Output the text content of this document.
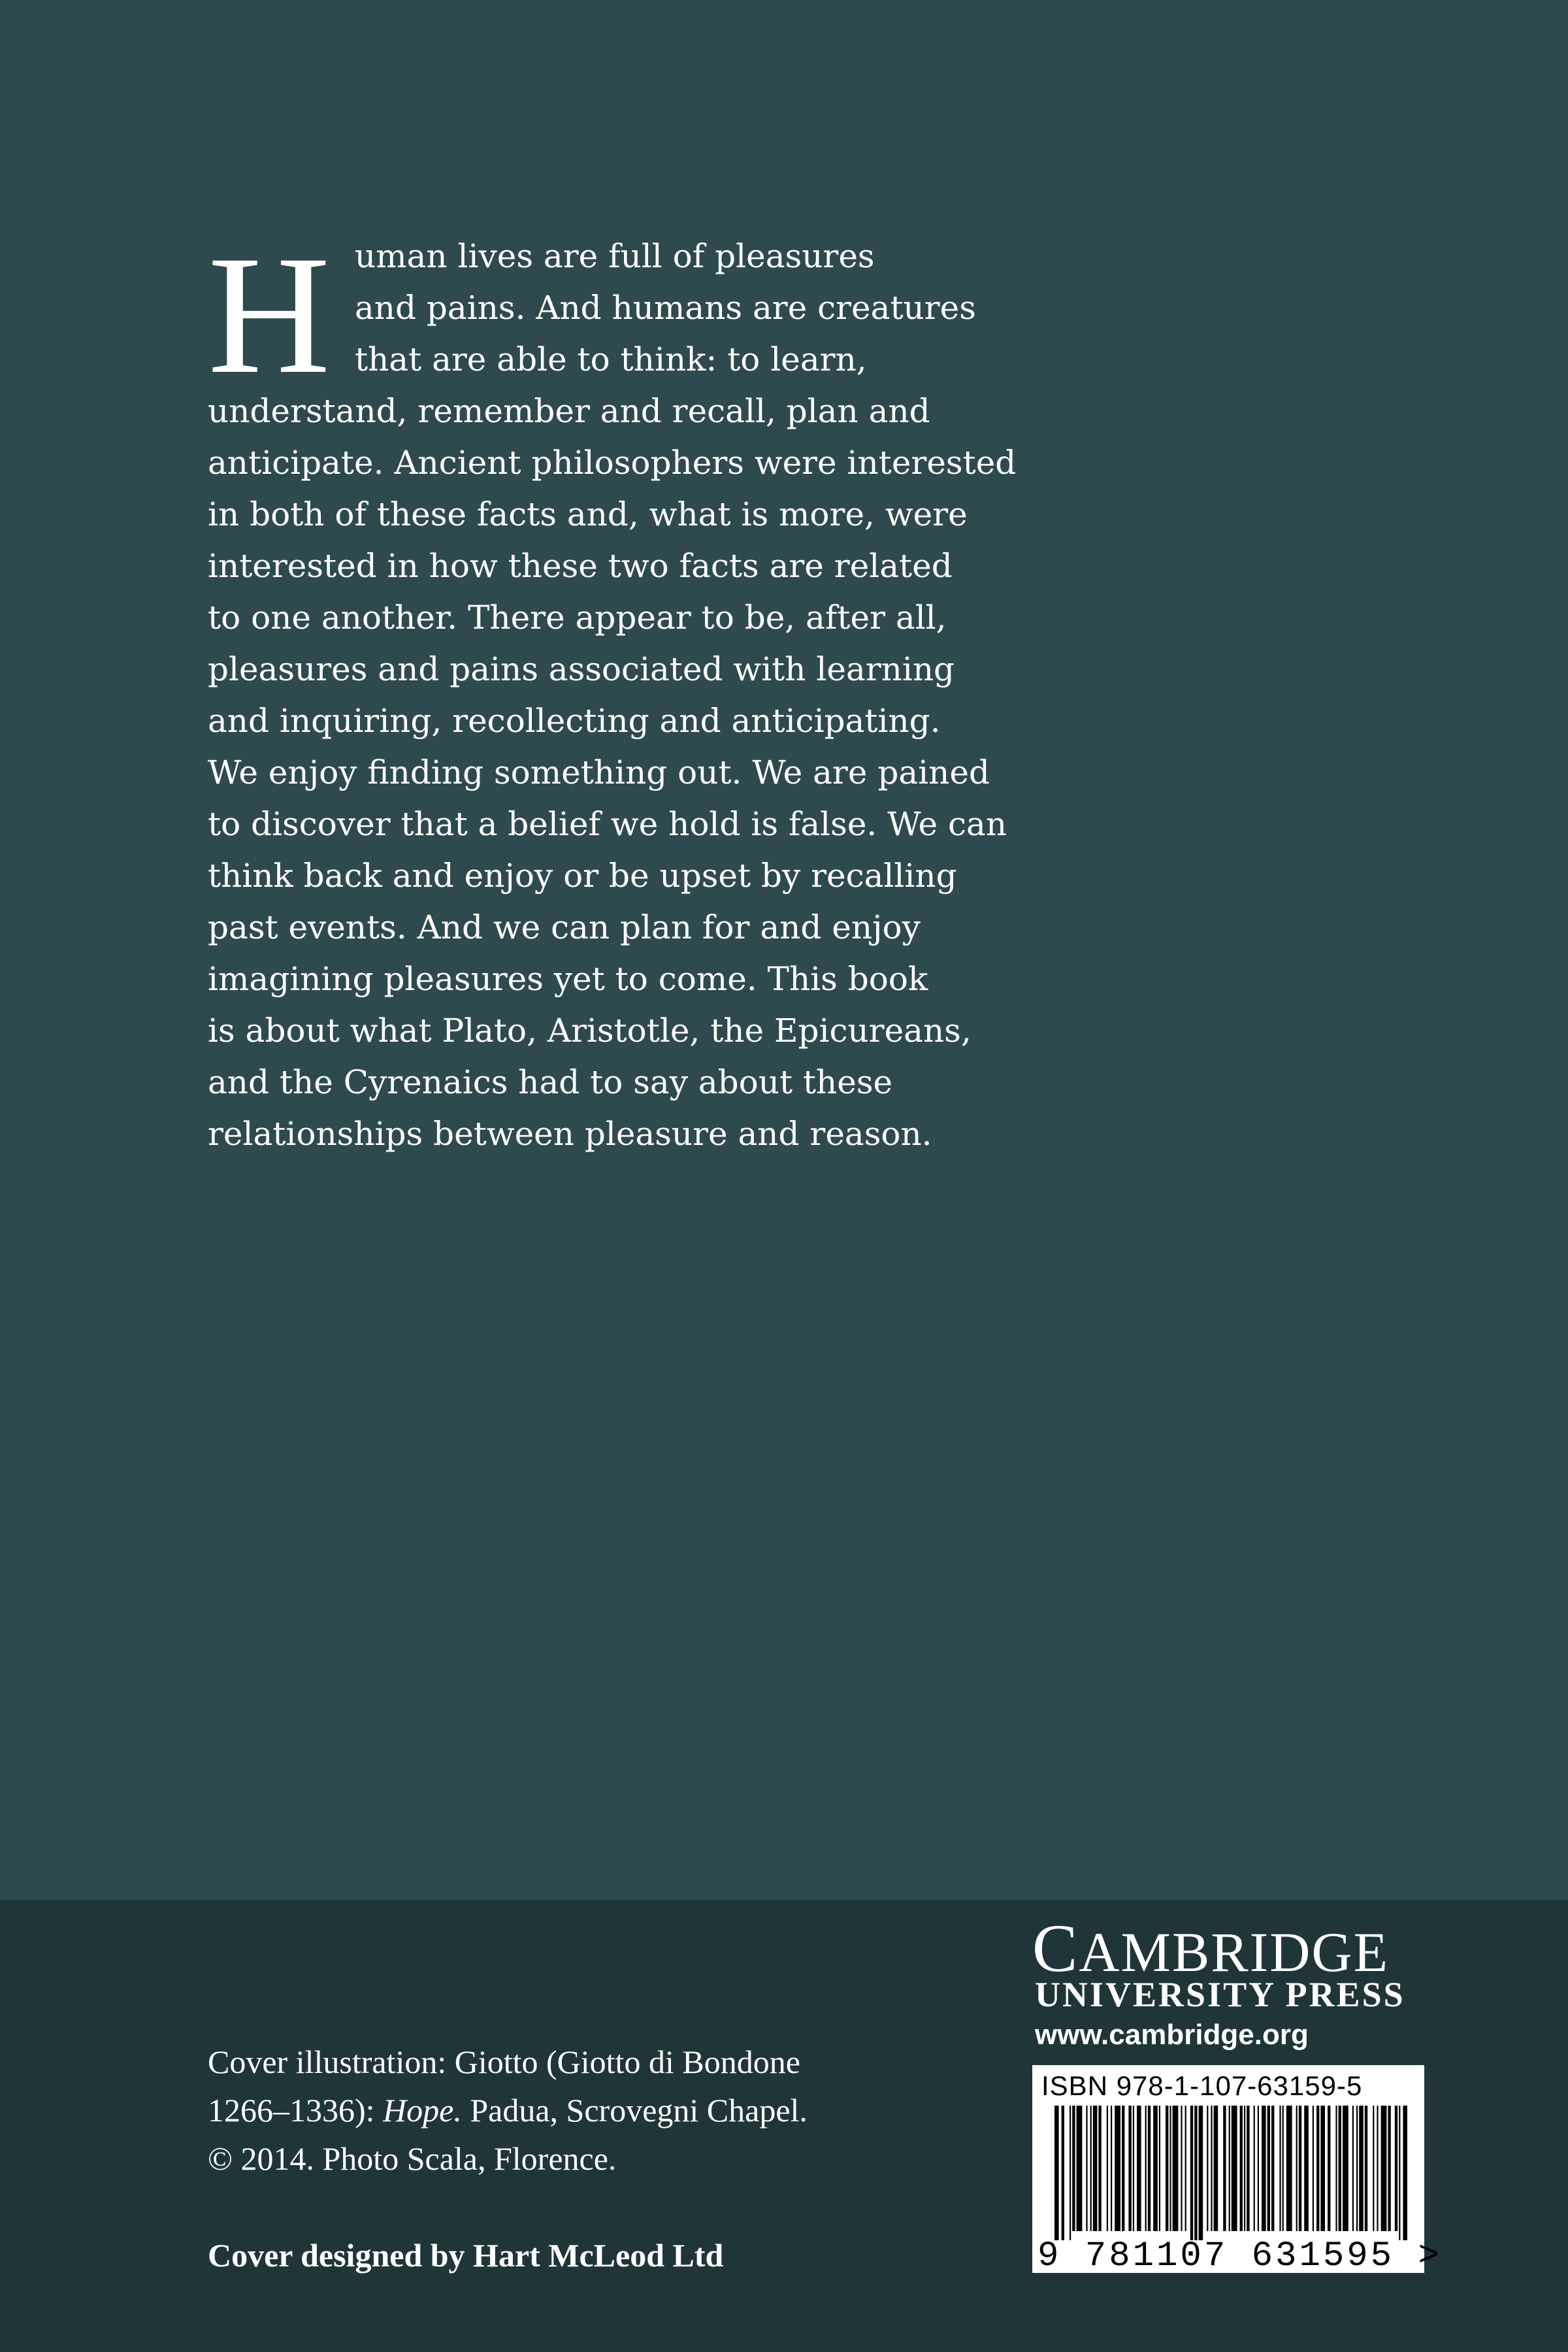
H uman lives are full of pleasures
and pains. And humans are creatures
that are able to think: to learn,
understand, remember and recall, plan and
anticipate. Ancient philosophers were interested
in both of these facts and, what is more, were
interested in how these two facts are related
to one another. There appear to be, after all,
pleasures and pains associated with learning
and inquiring, recollecting and anticipating.
We enjoy finding something out. We are pained
to discover that a belief we hold is false. We can
think back and enjoy or be upset by recalling
past events. And we can plan for and enjoy
imagining pleasures yet to come. This book
is about what Plato, Aristotle, the Epicureans,
and the Cyrenaics had to say about these
relationships between pleasure and reason.
Cover illustration: Giotto (Giotto di Bondone
1266–1336): Hope. Padua, Scrovegni Chapel.
© 2014. Photo Scala, Florence.
Cover designed by Hart McLeod Ltd
CAMBRIDGE
UNIVERSITY PRESS
www.cambridge.org
ISBN 978-1-107-63159-5
9 781107 631595 >
